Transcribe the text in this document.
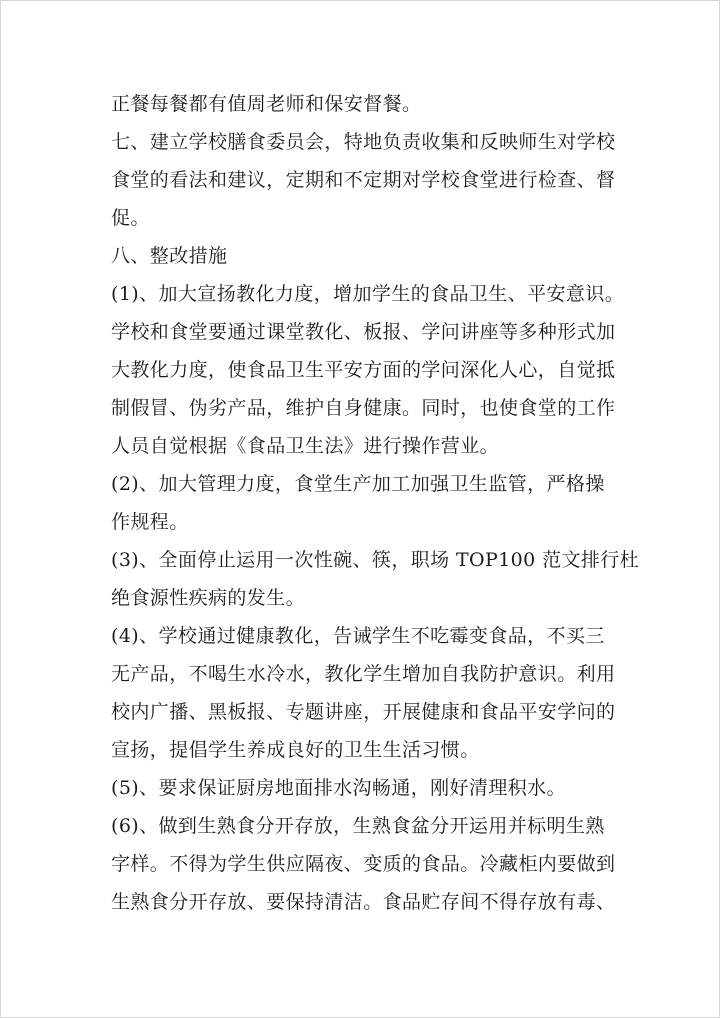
正餐每餐都有值周老师和保安督餐。
七、建立学校膳食委员会，特地负责收集和反映师生对学校
食堂的看法和建议，定期和不定期对学校食堂进行检查、督
促。
八、整改措施
(1)、加大宣扬教化力度，增加学生的食品卫生、平安意识。
学校和食堂要通过课堂教化、板报、学问讲座等多种形式加
大教化力度，使食品卫生平安方面的学问深化人心，自觉抵
制假冒、伪劣产品，维护自身健康。同时，也使食堂的工作
人员自觉根据《食品卫生法》进行操作营业。
(2)、加大管理力度，食堂生产加工加强卫生监管，严格操
作规程。
(3)、全面停止运用一次性碗、筷，职场 TOP100 范文排行杜
绝食源性疾病的发生。
(4)、学校通过健康教化，告诫学生不吃霉变食品，不买三
无产品，不喝生水冷水，教化学生增加自我防护意识。利用
校内广播、黑板报、专题讲座，开展健康和食品平安学问的
宣扬，提倡学生养成良好的卫生生活习惯。
(5)、要求保证厨房地面排水沟畅通，刚好清理积水。
(6)、做到生熟食分开存放，生熟食盆分开运用并标明生熟
字样。不得为学生供应隔夜、变质的食品。冷藏柜内要做到
生熟食分开存放、要保持清洁。食品贮存间不得存放有毒、
